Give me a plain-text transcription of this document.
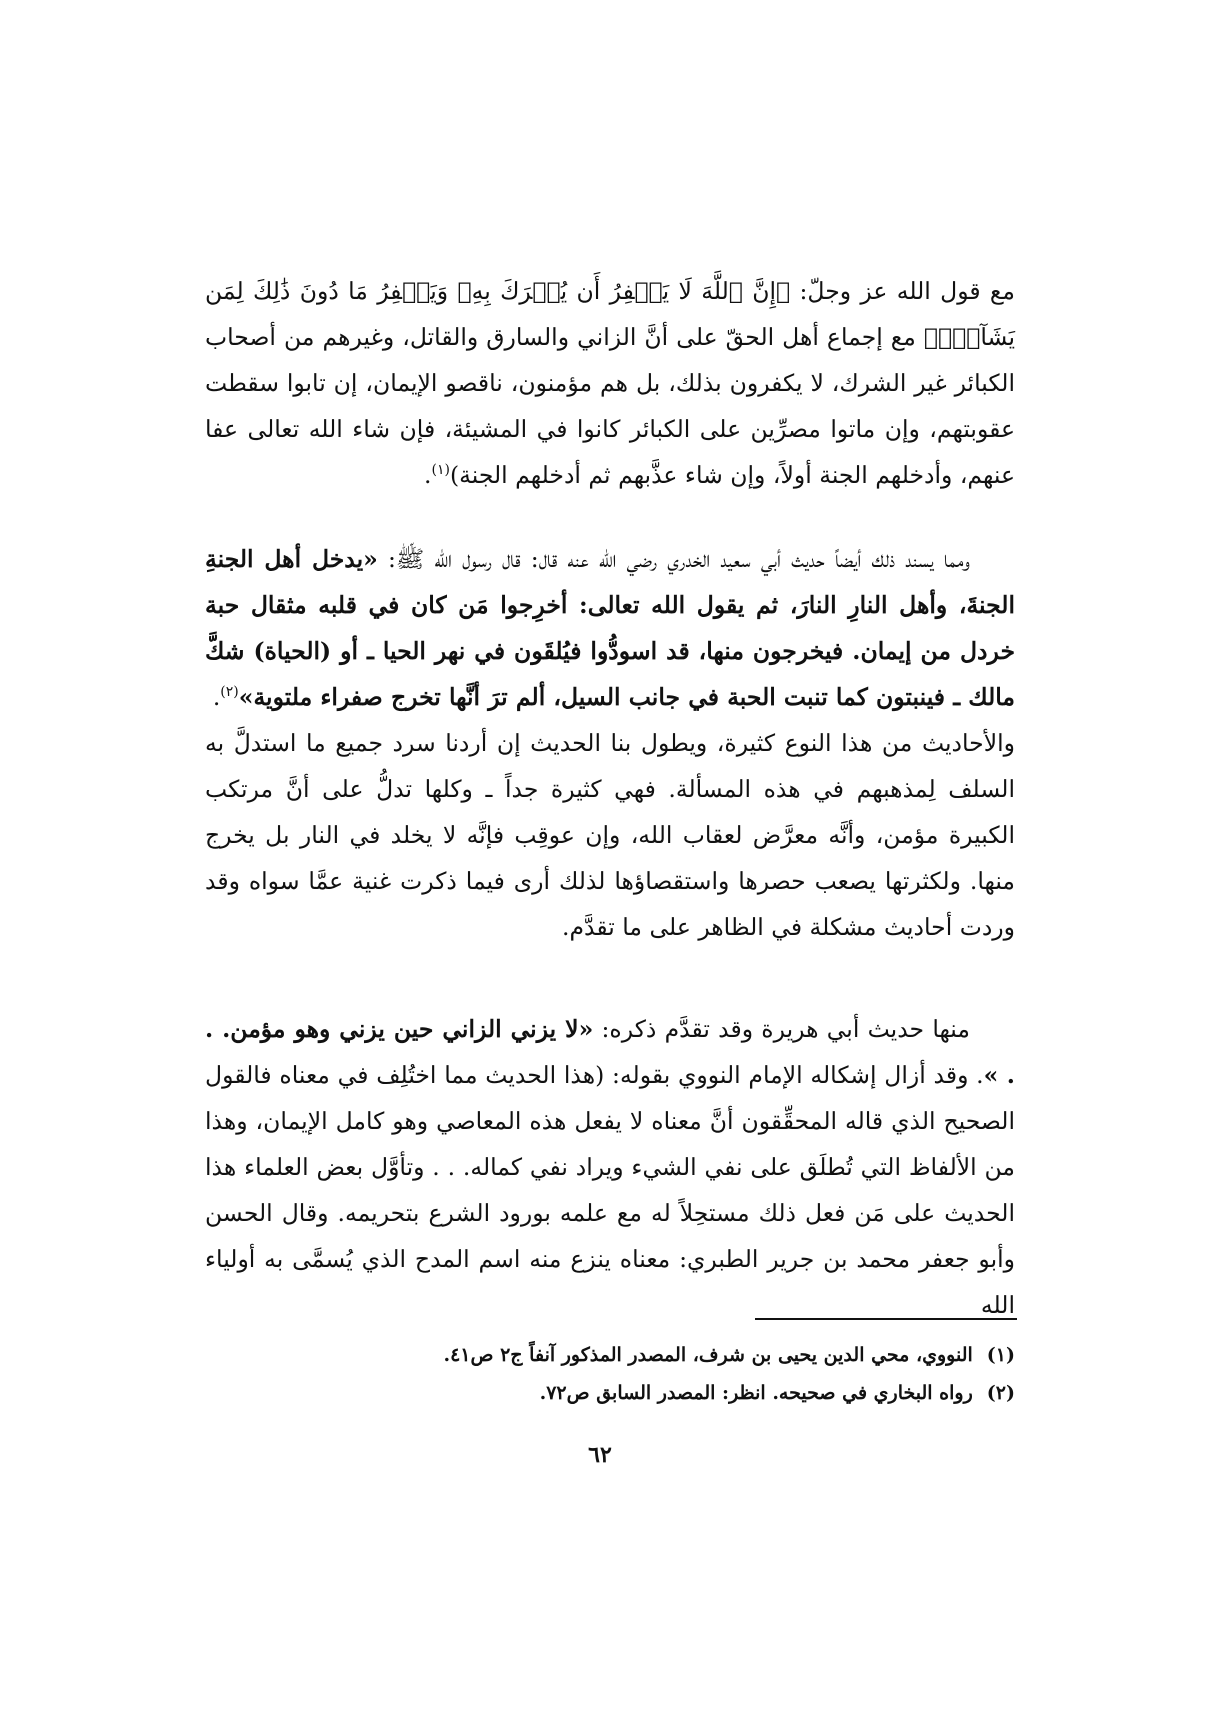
مع قول الله عز وجلّ: ﴿إِنَّ ٱللَّهَ لَا يَغۡفِرُ أَن يُشۡرَكَ بِهِۦ وَيَغۡفِرُ مَا دُونَ ذَٰلِكَ لِمَن يَشَآءُۚ﴾ مع إجماع أهل الحقّ على أنَّ الزاني والسارق والقاتل، وغيرهم من أصحاب الكبائر غير الشرك، لا يكفرون بذلك، بل هم مؤمنون، ناقصو الإيمان، إن تابوا سقطت عقوبتهم، وإن ماتوا مصرِّين على الكبائر كانوا في المشيئة، فإن شاء الله تعالى عفا عنهم، وأدخلهم الجنة أولاً، وإن شاء عذَّبهم ثم أدخلهم الجنة)$^{(١)}$.

ومما يسند ذلك أيضاً حديث أبي سعيد الخدري رضي الله عنه قال: قال رسول الله ﷺ: «يدخل أهل الجنةِ الجنةَ، وأهل النارِ النارَ، ثم يقول الله تعالى: أخرِجوا مَن كان في قلبه مثقال حبة خردل من إيمان. فيخرجون منها، قد اسودُّوا فيُلقَون في نهر الحيا ـ أو (الحياة) شكَّ مالك ـ فينبتون كما تنبت الحبة في جانب السيل، ألم ترَ أنَّها تخرج صفراء ملتوية»$^{(٢)}$.

والأحاديث من هذا النوع كثيرة، ويطول بنا الحديث إن أردنا سرد جميع ما استدلَّ به السلف لِمذهبهم في هذه المسألة. فهي كثيرة جداً ـ وكلها تدلُّ على أنَّ مرتكب الكبيرة مؤمن، وأنَّه معرَّض لعقاب الله، وإن عوقِب فإنَّه لا يخلد في النار بل يخرج منها. ولكثرتها يصعب حصرها واستقصاؤها لذلك أرى فيما ذكرت غنية عمَّا سواه وقد وردت أحاديث مشكلة في الظاهر على ما تقدَّم.

منها حديث أبي هريرة وقد تقدَّم ذكره: «لا يزني الزاني حين يزني وهو مؤمن. . . ». وقد أزال إشكاله الإمام النووي بقوله: (هذا الحديث مما اختُلِف في معناه فالقول الصحيح الذي قاله المحقِّقون أنَّ معناه لا يفعل هذه المعاصي وهو كامل الإيمان، وهذا من الألفاظ التي تُطلَق على نفي الشيء ويراد نفي كماله. . . وتأوَّل بعض العلماء هذا الحديث على مَن فعل ذلك مستحِلاً له مع علمه بورود الشرع بتحريمه. وقال الحسن وأبو جعفر محمد بن جرير الطبري: معناه ينزع منه اسم المدح الذي يُسمَّى به أولياء الله

(١)النووي، محي الدين يحيى بن شرف، المصدر المذكور آنفاً ج٢ ص٤١.

(٢)رواه البخاري في صحيحه. انظر: المصدر السابق ص٧٢.

٦٢
